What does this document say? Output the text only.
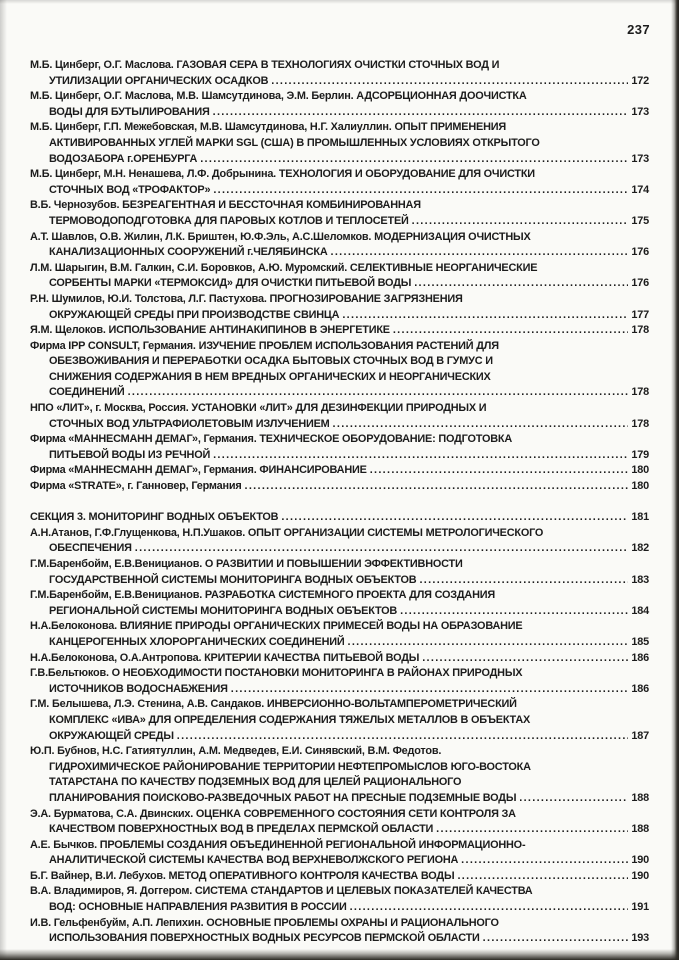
237
М.Б. Цинберг, О.Г. Маслова. ГАЗОВАЯ СЕРА В ТЕХНОЛОГИЯХ ОЧИСТКИ СТОЧНЫХ ВОД И
УТИЛИЗАЦИИ ОРГАНИЧЕСКИХ ОСАДКОВ .....	172
М.Б. Цинберг, О.Г. Маслова, М.В. Шамсутдинова, Э.М. Берлин. АДСОРБЦИОННАЯ ДООЧИСТКА
ВОДЫ ДЛЯ БУТЫЛИРОВАНИЯ .....	173
М.Б. Цинберг, Г.П. Межебовская, М.В. Шамсутдинова, Н.Г. Халиуллин. ОПЫТ ПРИМЕНЕНИЯ
АКТИВИРОВАННЫХ УГЛЕЙ МАРКИ SGL (США) В ПРОМЫШЛЕННЫХ УСЛОВИЯХ ОТКРЫТОГО
ВОДОЗАБОРА г.ОРЕНБУРГА .....	173
М.Б. Цинберг, М.Н. Ненашева, Л.Ф. Добрынина. ТЕХНОЛОГИЯ И ОБОРУДОВАНИЕ ДЛЯ ОЧИСТКИ
СТОЧНЫХ ВОД «ТРОФАКТОР» .....	174
В.Б. Чернозубов. БЕЗРЕАГЕНТНАЯ И БЕССТОЧНАЯ КОМБИНИРОВАННАЯ
ТЕРМОВОДОПОДГОТОВКА ДЛЯ ПАРОВЫХ КОТЛОВ И ТЕПЛОСЕТЕЙ .....	175
А.Т. Шавлов, О.В. Жилин, Л.К. Бриштен, Ю.Ф.Эль, А.С.Шеломков. МОДЕРНИЗАЦИЯ ОЧИСТНЫХ
КАНАЛИЗАЦИОННЫХ СООРУЖЕНИЙ г.ЧЕЛЯБИНСКА .....	176
Л.М. Шарыгин, В.М. Галкин, С.И. Боровков, А.Ю. Муромский. СЕЛЕКТИВНЫЕ НЕОРГАНИЧЕСКИЕ
СОРБЕНТЫ МАРКИ «ТЕРМОКСИД» ДЛЯ ОЧИСТКИ ПИТЬЕВОЙ ВОДЫ .....	176
Р.Н. Шумилов, Ю.И. Толстова, Л.Г. Пастухова. ПРОГНОЗИРОВАНИЕ ЗАГРЯЗНЕНИЯ
ОКРУЖАЮЩЕЙ СРЕДЫ ПРИ ПРОИЗВОДСТВЕ СВИНЦА .....	177
Я.М. Щелоков. ИСПОЛЬЗОВАНИЕ АНТИНАКИПИНОВ В ЭНЕРГЕТИКЕ .....	178
Фирма IPP CONSULT, Германия. ИЗУЧЕНИЕ ПРОБЛЕМ ИСПОЛЬЗОВАНИЯ РАСТЕНИЙ ДЛЯ
ОБЕЗВОЖИВАНИЯ И ПЕРЕРАБОТКИ ОСАДКА БЫТОВЫХ СТОЧНЫХ ВОД В ГУМУС И
СНИЖЕНИЯ СОДЕРЖАНИЯ В НЕМ ВРЕДНЫХ ОРГАНИЧЕСКИХ И НЕОРГАНИЧЕСКИХ
СОЕДИНЕНИЙ .....	178
НПО «ЛИТ», г. Москва, Россия. УСТАНОВКИ «ЛИТ» ДЛЯ ДЕЗИНФЕКЦИИ ПРИРОДНЫХ И
СТОЧНЫХ ВОД УЛЬТРАФИОЛЕТОВЫМ ИЗЛУЧЕНИЕМ .....	178
Фирма «МАННЕСМАНН ДЕМАГ», Германия. ТЕХНИЧЕСКОЕ ОБОРУДОВАНИЕ: ПОДГОТОВКА
ПИТЬЕВОЙ ВОДЫ ИЗ РЕЧНОЙ .....	179
Фирма «МАННЕСМАНН ДЕМАГ», Германия. ФИНАНСИРОВАНИЕ .....	180
Фирма «STRATE», г. Ганновер, Германия .....	180
СЕКЦИЯ 3. МОНИТОРИНГ ВОДНЫХ ОБЪЕКТОВ .....	181
А.Н.Атанов, Г.Ф.Глущенкова, Н.П.Ушаков. ОПЫТ ОРГАНИЗАЦИИ СИСТЕМЫ МЕТРОЛОГИЧЕСКОГО
ОБЕСПЕЧЕНИЯ .....	182
Г.М.Баренбойм, Е.В.Веницианов. О РАЗВИТИИ И ПОВЫШЕНИИ ЭФФЕКТИВНОСТИ
ГОСУДАРСТВЕННОЙ СИСТЕМЫ МОНИТОРИНГА ВОДНЫХ ОБЪЕКТОВ .....	183
Г.М.Баренбойм, Е.В.Веницианов. РАЗРАБОТКА СИСТЕМНОГО ПРОЕКТА ДЛЯ СОЗДАНИЯ
РЕГИОНАЛЬНОЙ СИСТЕМЫ МОНИТОРИНГА ВОДНЫХ ОБЪЕКТОВ .....	184
Н.А.Белоконова. ВЛИЯНИЕ ПРИРОДЫ ОРГАНИЧЕСКИХ ПРИМЕСЕЙ ВОДЫ НА ОБРАЗОВАНИЕ
КАНЦЕРОГЕННЫХ ХЛОРОРГАНИЧЕСКИХ СОЕДИНЕНИЙ .....	185
Н.А.Белоконова, О.А.Антропова. КРИТЕРИИ КАЧЕСТВА ПИТЬЕВОЙ ВОДЫ .....	186
Г.В.Бельтюков. О НЕОБХОДИМОСТИ ПОСТАНОВКИ МОНИТОРИНГА В РАЙОНАХ ПРИРОДНЫХ
ИСТОЧНИКОВ ВОДОСНАБЖЕНИЯ .....	186
Г.М. Белышева, Л.Э. Стенина, А.В. Сандаков. ИНВЕРСИОННО-ВОЛЬТАМПЕРОМЕТРИЧЕСКИЙ
КОМПЛЕКС «ИВА» ДЛЯ ОПРЕДЕЛЕНИЯ СОДЕРЖАНИЯ ТЯЖЕЛЫХ МЕТАЛЛОВ В ОБЪЕКТАХ
ОКРУЖАЮЩЕЙ СРЕДЫ .....	187
Ю.П. Бубнов, Н.С. Гатиятуллин, А.М. Медведев, Е.И. Синявский, В.М. Федотов.
ГИДРОХИМИЧЕСКОЕ РАЙОНИРОВАНИЕ ТЕРРИТОРИИ НЕФТЕПРОМЫСЛОВ ЮГО-ВОСТОКА
ТАТАРСТАНА ПО КАЧЕСТВУ ПОДЗЕМНЫХ ВОД ДЛЯ ЦЕЛЕЙ РАЦИОНАЛЬНОГО
ПЛАНИРОВАНИЯ ПОИСКОВО-РАЗВЕДОЧНЫХ РАБОТ НА ПРЕСНЫЕ ПОДЗЕМНЫЕ ВОДЫ .....	188
Э.А. Бурматова, С.А. Двинских. ОЦЕНКА СОВРЕМЕННОГО СОСТОЯНИЯ СЕТИ КОНТРОЛЯ ЗА
КАЧЕСТВОМ ПОВЕРХНОСТНЫХ ВОД В ПРЕДЕЛАХ ПЕРМСКОЙ ОБЛАСТИ .....	188
А.Е. Бычков. ПРОБЛЕМЫ СОЗДАНИЯ ОБЪЕДИНЕННОЙ РЕГИОНАЛЬНОЙ ИНФОРМАЦИОННО-
АНАЛИТИЧЕСКОЙ СИСТЕМЫ КАЧЕСТВА ВОД ВЕРХНЕВОЛЖСКОГО РЕГИОНА .....	190
Б.Г. Вайнер, В.И. Лебухов. МЕТОД ОПЕРАТИВНОГО КОНТРОЛЯ КАЧЕСТВА ВОДЫ .....	190
В.А. Владимиров, Я. Доггером. СИСТЕМА СТАНДАРТОВ И ЦЕЛЕВЫХ ПОКАЗАТЕЛЕЙ КАЧЕСТВА
ВОД: ОСНОВНЫЕ НАПРАВЛЕНИЯ РАЗВИТИЯ В РОССИИ .....	191
И.В. Гельфенбуйм, А.П. Лепихин. ОСНОВНЫЕ ПРОБЛЕМЫ ОХРАНЫ И РАЦИОНАЛЬНОГО
ИСПОЛЬЗОВАНИЯ ПОВЕРХНОСТНЫХ ВОДНЫХ РЕСУРСОВ ПЕРМСКОЙ ОБЛАСТИ .....	193
